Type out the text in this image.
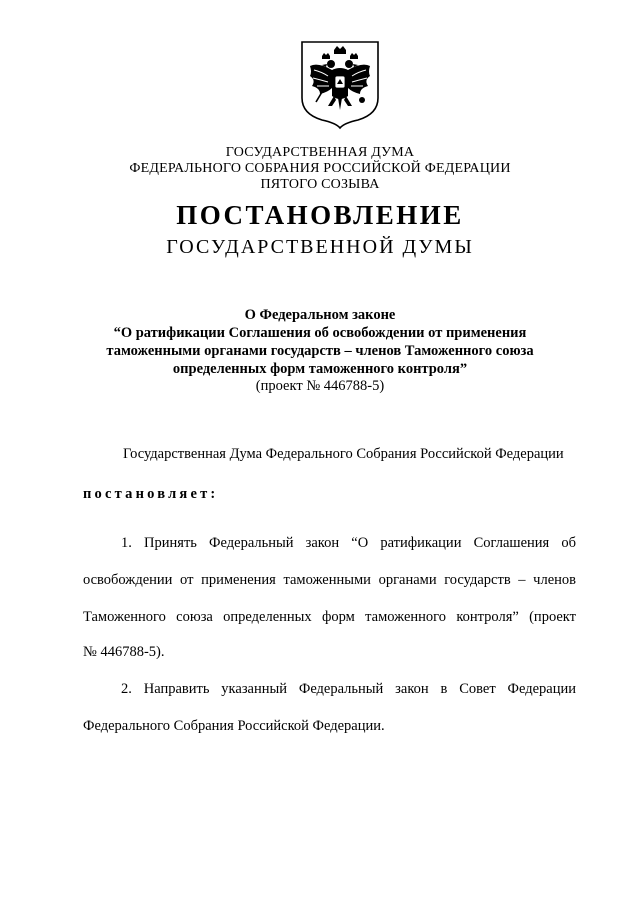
ГОСУДАРСТВЕННАЯ ДУМА
ФЕДЕРАЛЬНОГО СОБРАНИЯ РОССИЙСКОЙ ФЕДЕРАЦИИ
ПЯТОГО СОЗЫВА
ПОСТАНОВЛЕНИЕ
ГОСУДАРСТВЕННОЙ ДУМЫ
О Федеральном законе
“О ратификации Соглашения об освобождении от применения
таможенными органами государств – членов Таможенного союза
определенных форм таможенного контроля”
(проект № 446788-5)
Государственная Дума Федерального Собрания Российской Федерации
постановляет:
1. Принять Федеральный закон “О ратификации Соглашения об
освобождении от применения таможенными органами государств – членов
Таможенного союза определенных форм таможенного контроля” (проект
№ 446788-5).
2. Направить указанный Федеральный закон в Совет Федерации
Федерального Собрания Российской Федерации.
